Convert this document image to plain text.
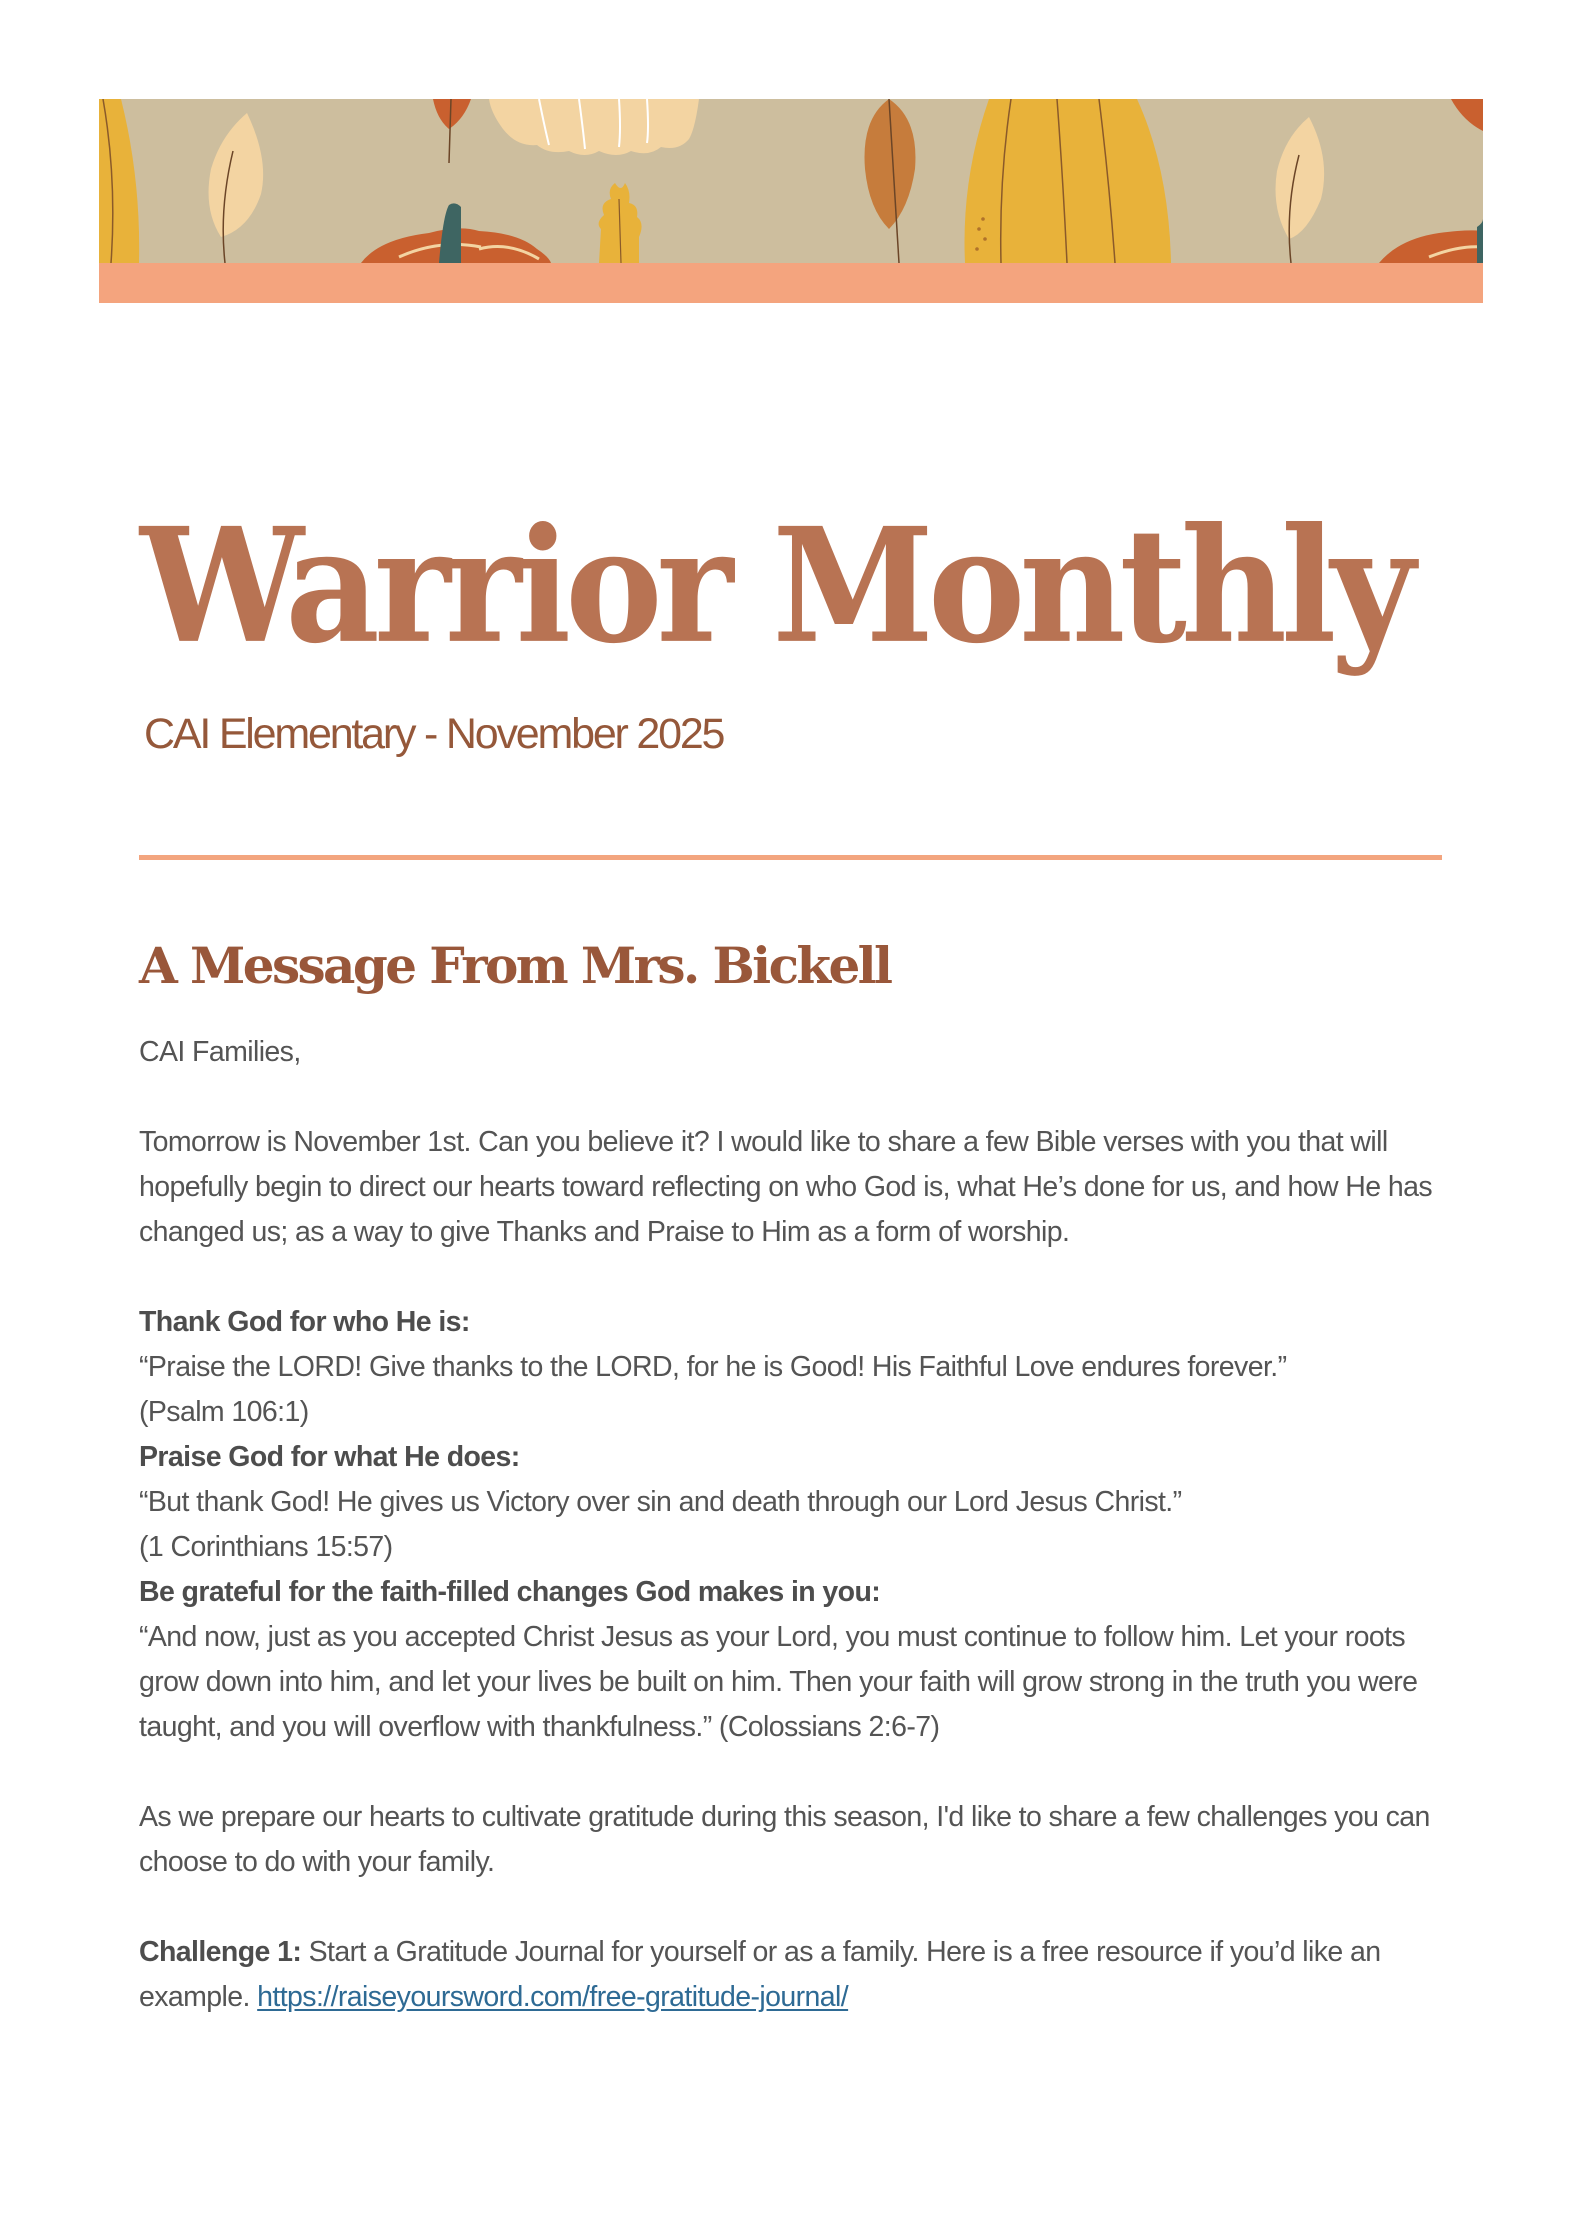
Warrior Monthly
CAI Elementary - November 2025
A Message From Mrs. Bickell

CAI Families,

Tomorrow is November 1st. Can you believe it? I would like to share a few Bible verses with you that will hopefully begin to direct our hearts toward reflecting on who God is, what He’s done for us, and how He has changed us; as a way to give Thanks and Praise to Him as a form of worship.

Thank God for who He is:

“Praise the LORD! Give thanks to the LORD, for he is Good! His Faithful Love endures forever.”

(Psalm 106:1)

Praise God for what He does:

“But thank God! He gives us Victory over sin and death through our Lord Jesus Christ.”

(1 Corinthians 15:57)

Be grateful for the faith-filled changes God makes in you:

“And now, just as you accepted Christ Jesus as your Lord, you must continue to follow him. Let your roots grow down into him, and let your lives be built on him. Then your faith will grow strong in the truth you were taught, and you will overflow with thankfulness.” (Colossians 2:6-7)

As we prepare our hearts to cultivate gratitude during this season, I'd like to share a few challenges you can choose to do with your family.

Challenge 1: Start a Gratitude Journal for yourself or as a family. Here is a free resource if you’d like an example. https://raiseyoursword.com/free-gratitude-journal/
